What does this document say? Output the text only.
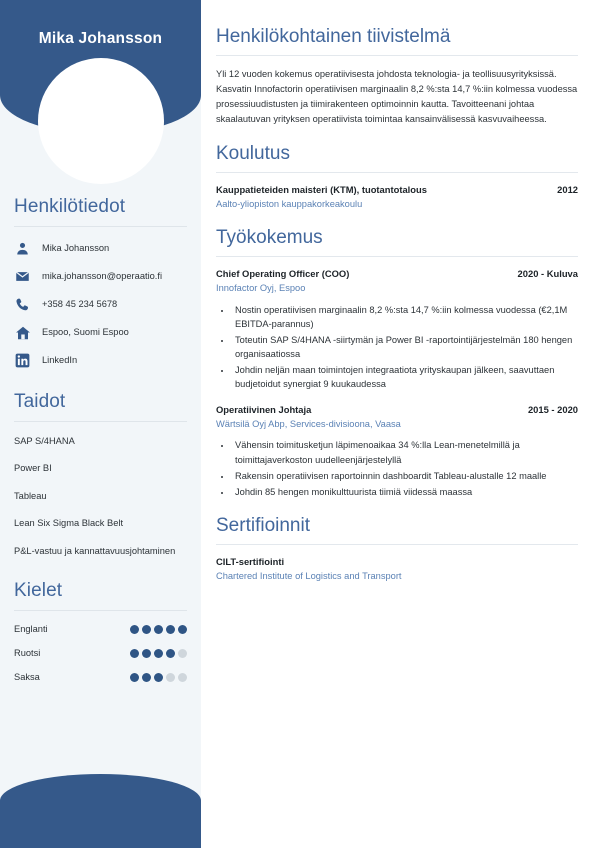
Mika Johansson
Henkilötiedot
Mika Johansson
mika.johansson@operaatio.fi
+358 45 234 5678
Espoo, Suomi Espoo
LinkedIn
Taidot
SAP S/4HANA
Power BI
Tableau
Lean Six Sigma Black Belt
P&L-vastuu ja kannattavuusjohtaminen
Kielet
Englanti
Ruotsi
Saksa
Henkilökohtainen tiivistelmä

Yli 12 vuoden kokemus operatiivisesta johdosta teknologia- ja teollisuusyrityksissä. Kasvatin Innofactorin operatiivisen marginaalin 8,2 %:sta 14,7 %:iin kolmessa vuodessa prosessiuudistusten ja tiimirakenteen optimoinnin kautta. Tavoitteenani johtaa skaalautuvan yrityksen operatiivista toimintaa kansainvälisessä kasvuvaiheessa.

Koulutus
Kauppatieteiden maisteri (KTM), tuotantotalous	2012
Aalto-yliopiston kauppakorkeakoulu
Työkokemus
Chief Operating Officer (COO)	2020 - Kuluva
Innofactor Oyj, Espoo
• Nostin operatiivisen marginaalin 8,2 %:sta 14,7 %:iin kolmessa vuodessa (€2,1M EBITDA-parannus)
• Toteutin SAP S/4HANA -siirtymän ja Power BI -raportointijärjestelmän 180 hengen organisaatiossa
• Johdin neljän maan toimintojen integraatiota yrityskaupan jälkeen, saavuttaen budjetoidut synergiat 9 kuukaudessa
Operatiivinen Johtaja	2015 - 2020
Wärtsilä Oyj Abp, Services-divisioona, Vaasa
• Vähensin toimitusketjun läpimenoaikaa 34 %:lla Lean-menetelmillä ja toimittajaverkoston uudelleenjärjestelyllä
• Rakensin operatiivisen raportoinnin dashboardit Tableau-alustalle 12 maalle
• Johdin 85 hengen monikulttuurista tiimiä viidessä maassa
Sertifioinnit
CILT-sertifiointi
Chartered Institute of Logistics and Transport
